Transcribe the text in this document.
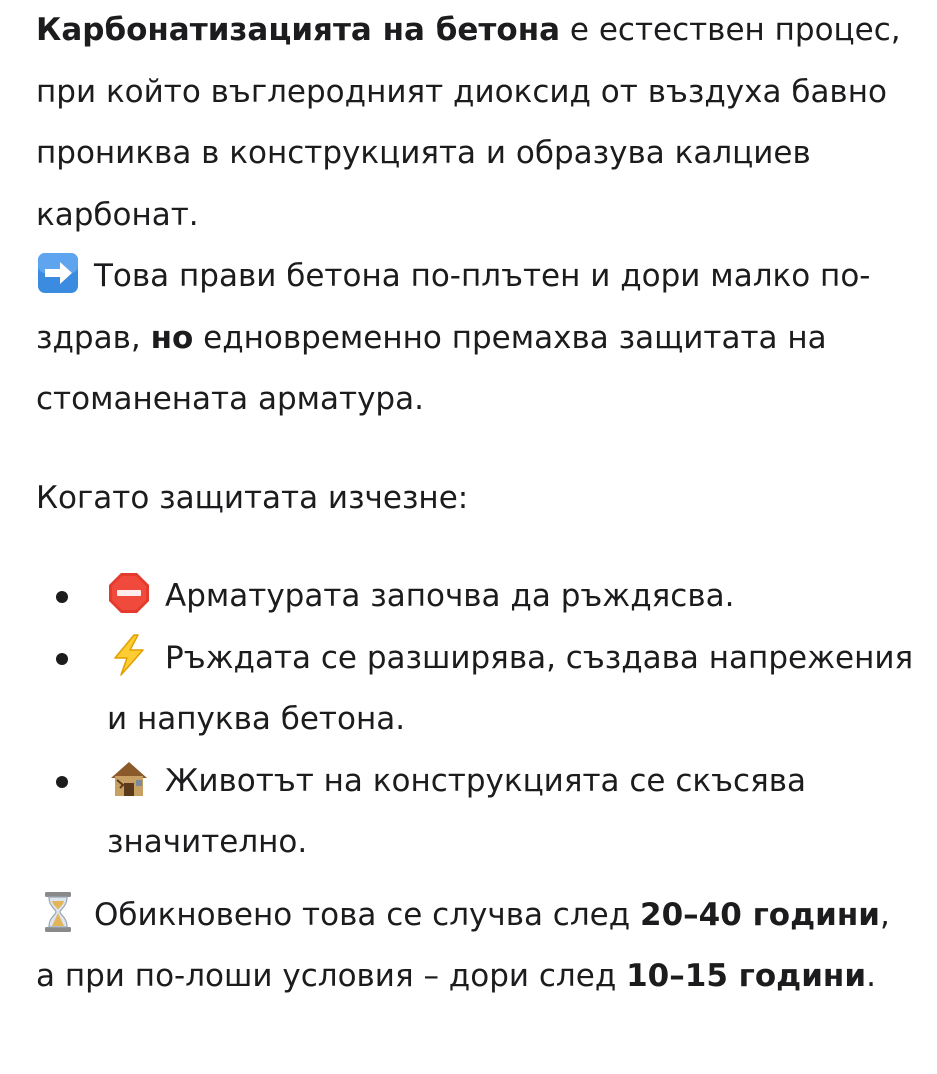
Карбонатизацията на бетона е естествен процес, при който въглеродният диоксид от въздуха бавно прониква в конструкцията и образува калциев карбонат.

Това прави бетона по-плътен и дори малко по-здрав, но едновременно премахва защитата на стоманената арматура.

Когато защитата изчезне:

Арматурата започва да ръждясва.
Ръждата се разширява, създава напрежения и напуква бетона.
Животът на конструкцията се скъсява значително.

Обикновено това се случва след 20–40 години, а при по-лоши условия – дори след 10–15 години.
